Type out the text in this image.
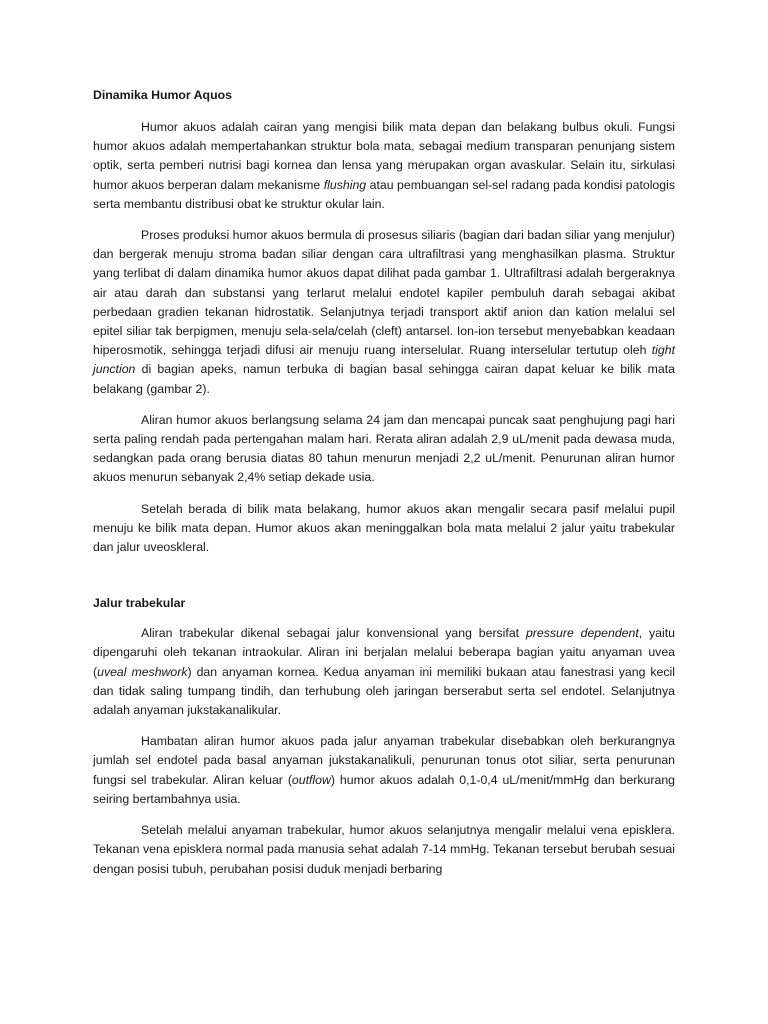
Dinamika Humor Aquos

Humor akuos adalah cairan yang mengisi bilik mata depan dan belakang bulbus okuli. Fungsi humor akuos adalah mempertahankan struktur bola mata, sebagai medium transparan penunjang sistem optik, serta pemberi nutrisi bagi kornea dan lensa yang merupakan organ avaskular. Selain itu, sirkulasi humor akuos berperan dalam mekanisme flushing atau pembuangan sel-sel radang pada kondisi patologis serta membantu distribusi obat ke struktur okular lain.

Proses produksi humor akuos bermula di prosesus siliaris (bagian dari badan siliar yang menjulur) dan bergerak menuju stroma badan siliar dengan cara ultrafiltrasi yang menghasilkan plasma. Struktur yang terlibat di dalam dinamika humor akuos dapat dilihat pada gambar 1. Ultrafiltrasi adalah bergeraknya air atau darah dan substansi yang terlarut melalui endotel kapiler pembuluh darah sebagai akibat perbedaan gradien tekanan hidrostatik. Selanjutnya terjadi transport aktif anion dan kation melalui sel epitel siliar tak berpigmen, menuju sela-sela/celah (cleft) antarsel. Ion-ion tersebut menyebabkan keadaan hiperosmotik, sehingga terjadi difusi air menuju ruang interselular. Ruang interselular tertutup oleh tight junction di bagian apeks, namun terbuka di bagian basal sehingga cairan dapat keluar ke bilik mata belakang (gambar 2).

Aliran humor akuos berlangsung selama 24 jam dan mencapai puncak saat penghujung pagi hari serta paling rendah pada pertengahan malam hari. Rerata aliran adalah 2,9 uL/menit pada dewasa muda, sedangkan pada orang berusia diatas 80 tahun menurun menjadi 2,2 uL/menit. Penurunan aliran humor akuos menurun sebanyak 2,4% setiap dekade usia.

Setelah berada di bilik mata belakang, humor akuos akan mengalir secara pasif melalui pupil menuju ke bilik mata depan. Humor akuos akan meninggalkan bola mata melalui 2 jalur yaitu trabekular dan jalur uveoskleral.

Jalur trabekular

Aliran trabekular dikenal sebagai jalur konvensional yang bersifat pressure dependent, yaitu dipengaruhi oleh tekanan intraokular. Aliran ini berjalan melalui beberapa bagian yaitu anyaman uvea (uveal meshwork) dan anyaman kornea. Kedua anyaman ini memiliki bukaan atau fanestrasi yang kecil dan tidak saling tumpang tindih, dan terhubung oleh jaringan berserabut serta sel endotel. Selanjutnya adalah anyaman jukstakanalikular.

Hambatan aliran humor akuos pada jalur anyaman trabekular disebabkan oleh berkurangnya jumlah sel endotel pada basal anyaman jukstakanalikuli, penurunan tonus otot siliar, serta penurunan fungsi sel trabekular. Aliran keluar (outflow) humor akuos adalah 0,1-0,4 uL/menit/mmHg dan berkurang seiring bertambahnya usia.

Setelah melalui anyaman trabekular, humor akuos selanjutnya mengalir melalui vena episklera. Tekanan vena episklera normal pada manusia sehat adalah 7-14 mmHg. Tekanan tersebut berubah sesuai dengan posisi tubuh, perubahan posisi duduk menjadi berbaring
